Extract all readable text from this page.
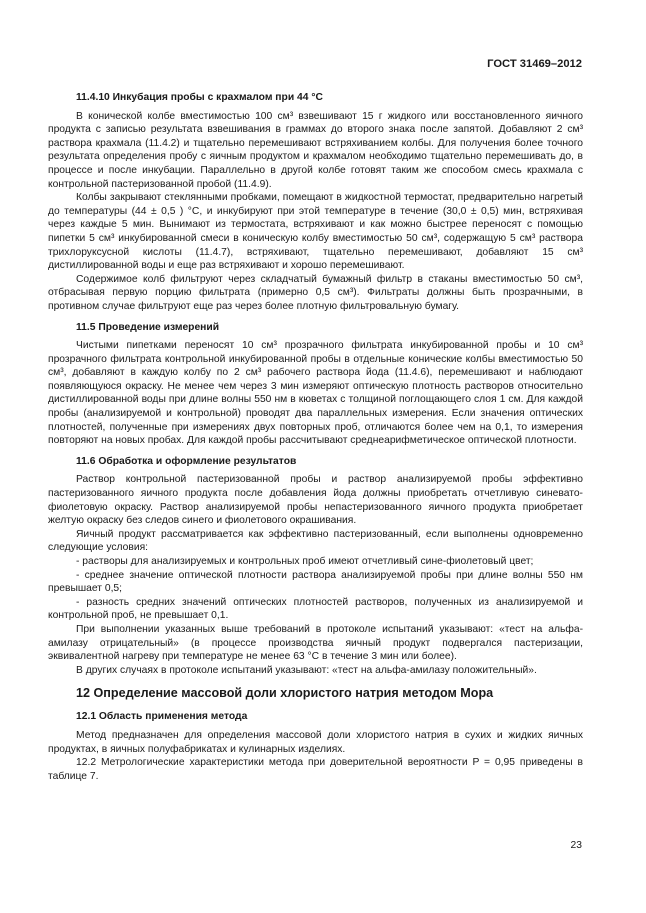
ГОСТ 31469–2012
11.4.10 Инкубация пробы с крахмалом при 44 °С
В конической колбе вместимостью 100 см³ взвешивают 15 г жидкого или восстановленного яичного продукта с записью результата взвешивания в граммах до второго знака после запятой. Добавляют 2 см³ раствора крахмала (11.4.2) и тщательно перемешивают встряхиванием колбы. Для получения более точного результата определения пробу с яичным продуктом и крахмалом необходимо тщательно перемешивать до, в процессе и после инкубации. Параллельно в другой колбе готовят таким же способом смесь крахмала с контрольной пастеризованной пробой (11.4.9).
Колбы закрывают стеклянными пробками, помещают в жидкостной термостат, предварительно нагретый до температуры (44 ± 0,5 ) °С, и инкубируют при этой температуре в течение (30,0 ± 0,5) мин, встряхивая через каждые 5 мин. Вынимают из термостата, встряхивают и как можно быстрее переносят с помощью пипетки 5 см³ инкубированной смеси в коническую колбу вместимостью 50 см³, содержащую 5 см³ раствора трихлоруксусной кислоты (11.4.7), встряхивают, тщательно перемешивают, добавляют 15 см³ дистиллированной воды и еще раз встряхивают и хорошо перемешивают.
Содержимое колб фильтруют через складчатый бумажный фильтр в стаканы вместимостью 50 см³, отбрасывая первую порцию фильтрата (примерно 0,5 см³). Фильтраты должны быть прозрачными, в противном случае фильтруют еще раз через более плотную фильтровальную бумагу.
11.5 Проведение измерений
Чистыми пипетками переносят 10 см³ прозрачного фильтрата инкубированной пробы и 10 см³ прозрачного фильтрата контрольной инкубированной пробы в отдельные конические колбы вместимостью 50 см³, добавляют в каждую колбу по 2 см³ рабочего раствора йода (11.4.6), перемешивают и наблюдают появляющуюся окраску. Не менее чем через 3 мин измеряют оптическую плотность растворов относительно дистиллированной воды при длине волны 550 нм в кюветах с толщиной поглощающего слоя 1 см. Для каждой пробы (анализируемой и контрольной) проводят два параллельных измерения. Если значения оптических плотностей, полученные при измерениях двух повторных проб, отличаются более чем на 0,1, то измерения повторяют на новых пробах. Для каждой пробы рассчитывают среднеарифметическое оптической плотности.
11.6 Обработка и оформление результатов
Раствор контрольной пастеризованной пробы и раствор анализируемой пробы эффективно пастеризованного яичного продукта после добавления йода должны приобретать отчетливую синевато-фиолетовую окраску. Раствор анализируемой пробы непастеризованного яичного продукта приобретает желтую окраску без следов синего и фиолетового окрашивания.
Яичный продукт рассматривается как эффективно пастеризованный, если выполнены одновременно следующие условия:
- растворы для анализируемых и контрольных проб имеют отчетливый сине-фиолетовый цвет;
- среднее значение оптической плотности раствора анализируемой пробы при длине волны 550 нм превышает 0,5;
- разность средних значений оптических плотностей растворов, полученных из анализируемой и контрольной проб, не превышает 0,1.
При выполнении указанных выше требований в протоколе испытаний указывают: «тест на альфа-амилазу отрицательный» (в процессе производства яичный продукт подвергался пастеризации, эквивалентной нагреву при температуре не менее 63 °С в течение 3 мин или более).
В других случаях в протоколе испытаний указывают: «тест на альфа-амилазу положительный».
12 Определение массовой доли хлористого натрия методом Мора
12.1 Область применения метода
Метод предназначен для определения массовой доли хлористого натрия в сухих и жидких яичных продуктах, в яичных полуфабрикатах и кулинарных изделиях.
12.2 Метрологические характеристики метода при доверительной вероятности P = 0,95 приведены в таблице 7.
23
